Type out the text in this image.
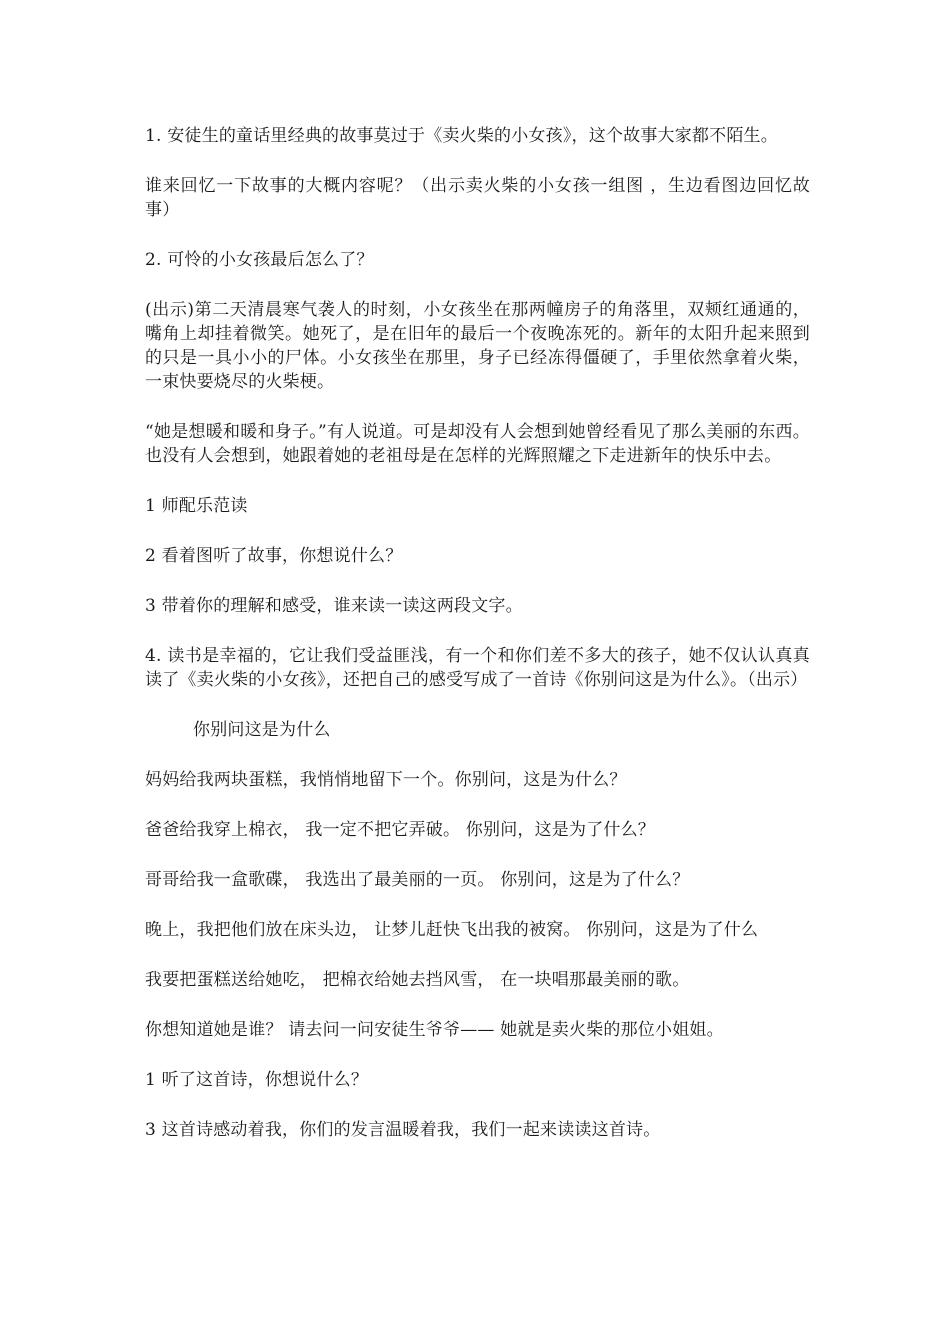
1. 安徒生的童话里经典的故事莫过于《卖火柴的小女孩》，这个故事大家都不陌生。

谁来回忆一下故事的大概内容呢？（出示卖火柴的小女孩一组图 ，生边看图边回忆故事）

2. 可怜的小女孩最后怎么了？

(出示)第二天清晨寒气袭人的时刻，小女孩坐在那两幢房子的角落里，双颊红通通的，嘴角上却挂着微笑。她死了，是在旧年的最后一个夜晚冻死的。新年的太阳升起来照到的只是一具小小的尸体。小女孩坐在那里，身子已经冻得僵硬了，手里依然拿着火柴，一束快要烧尽的火柴梗。

“她是想暖和暖和身子。”有人说道。可是却没有人会想到她曾经看见了那么美丽的东西。也没有人会想到，她跟着她的老祖母是在怎样的光辉照耀之下走进新年的快乐中去。

1 师配乐范读

2 看着图听了故事，你想说什么？

3 带着你的理解和感受，谁来读一读这两段文字。

4. 读书是幸福的，它让我们受益匪浅，有一个和你们差不多大的孩子，她不仅认认真真读了《卖火柴的小女孩》，还把自己的感受写成了一首诗《你别问这是为什么》。（出示）

你别问这是为什么

妈妈给我两块蛋糕，我悄悄地留下一个。你别问，这是为什么？

爸爸给我穿上棉衣， 我一定不把它弄破。 你别问，这是为了什么？

哥哥给我一盒歌碟， 我选出了最美丽的一页。 你别问，这是为了什么？

晚上，我把他们放在床头边， 让梦儿赶快飞出我的被窝。 你别问，这是为了什么

我要把蛋糕送给她吃， 把棉衣给她去挡风雪， 在一块唱那最美丽的歌。

你想知道她是谁？ 请去问一问安徒生爷爷—— 她就是卖火柴的那位小姐姐。

1 听了这首诗，你想说什么？

3 这首诗感动着我，你们的发言温暖着我，我们一起来读读这首诗。
